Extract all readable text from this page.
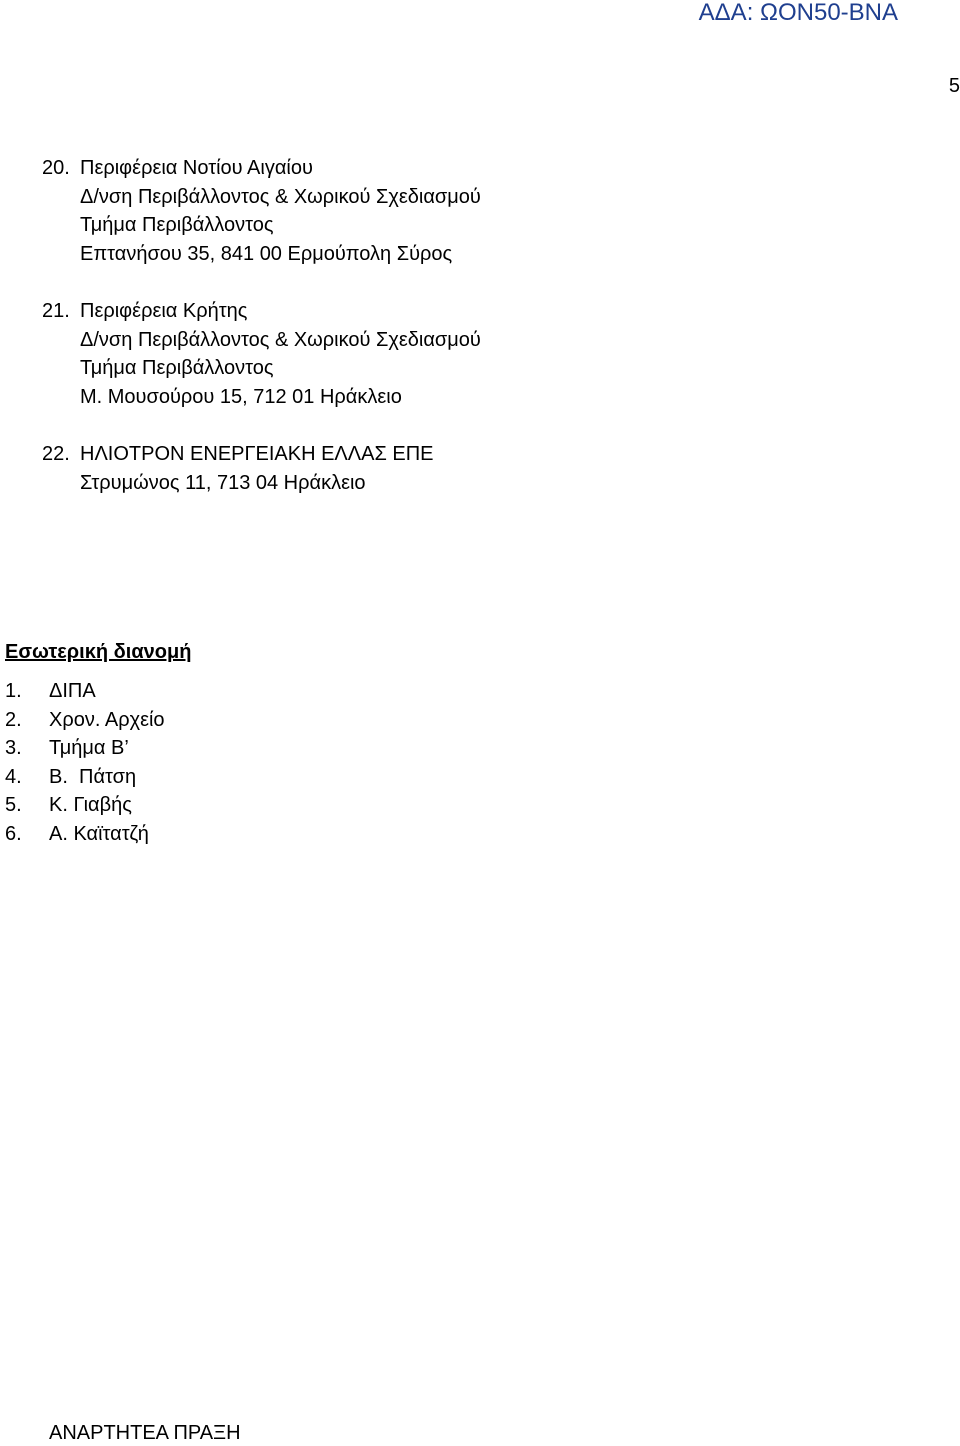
ΑΔΑ: ΩΟΝ50-ΒΝΑ
5
20. Περιφέρεια Νοτίου Αιγαίου
Δ/νση Περιβάλλοντος & Χωρικού Σχεδιασμού
Τμήμα Περιβάλλοντος
Επτανήσου 35, 841 00 Ερμούπολη Σύρος
21. Περιφέρεια Κρήτης
Δ/νση Περιβάλλοντος & Χωρικού Σχεδιασμού
Τμήμα Περιβάλλοντος
Μ. Μουσούρου 15, 712 01 Ηράκλειο
22. ΗΛΙΟΤΡΟΝ ΕΝΕΡΓΕΙΑΚΗ ΕΛΛΑΣ ΕΠΕ
Στρυμώνος 11, 713 04 Ηράκλειο
Εσωτερική διανομή
1.	ΔΙΠΑ
2.	Χρον. Αρχείο
3.	Τμήμα Β’
4.	Β.  Πάτση
5.	Κ. Γιαβής
6.	Α. Καϊτατζή
ΑΝΑΡΤΗΤΕΑ ΠΡΑΞΗ
